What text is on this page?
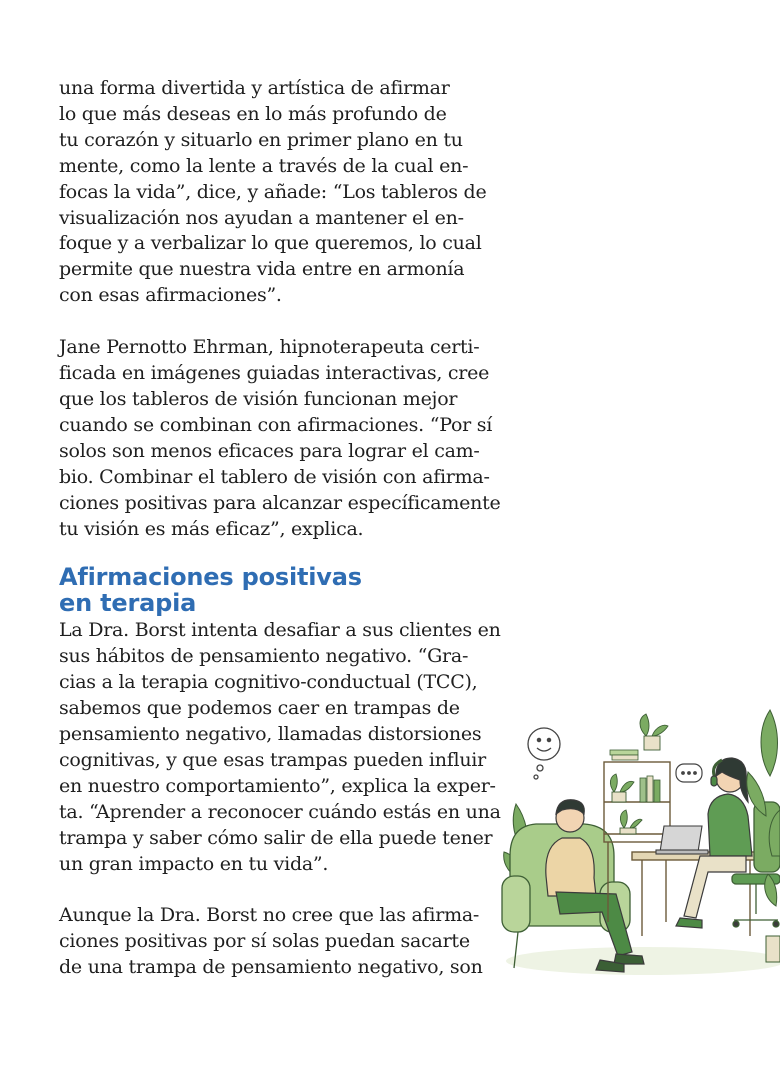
una forma divertida y artística de afirmar
lo que más deseas en lo más profundo de
tu corazón y situarlo en primer plano en tu
mente, como la lente a través de la cual en-
focas la vida”, dice, y añade: “Los tableros de
visualización nos ayudan a mantener el en-
foque y a verbalizar lo que queremos, lo cual
permite que nuestra vida entre en armonía
con esas afirmaciones”.

Jane Pernotto Ehrman, hipnoterapeuta certi-
ficada en imágenes guiadas interactivas, cree
que los tableros de visión funcionan mejor
cuando se combinan con afirmaciones. “Por sí
solos son menos eficaces para lograr el cam-
bio. Combinar el tablero de visión con afirma-
ciones positivas para alcanzar específicamente
tu visión es más eficaz”, explica.

Afirmaciones positivas
en terapia

La Dra. Borst intenta desafiar a sus clientes en
sus hábitos de pensamiento negativo. “Gra-
cias a la terapia cognitivo-conductual (TCC),
sabemos que podemos caer en trampas de
pensamiento negativo, llamadas distorsiones
cognitivas, y que esas trampas pueden influir
en nuestro comportamiento”, explica la exper-
ta. “Aprender a reconocer cuándo estás en una
trampa y saber cómo salir de ella puede tener
un gran impacto en tu vida”.

Aunque la Dra. Borst no cree que las afirma-
ciones positivas por sí solas puedan sacarte
de una trampa de pensamiento negativo, son
